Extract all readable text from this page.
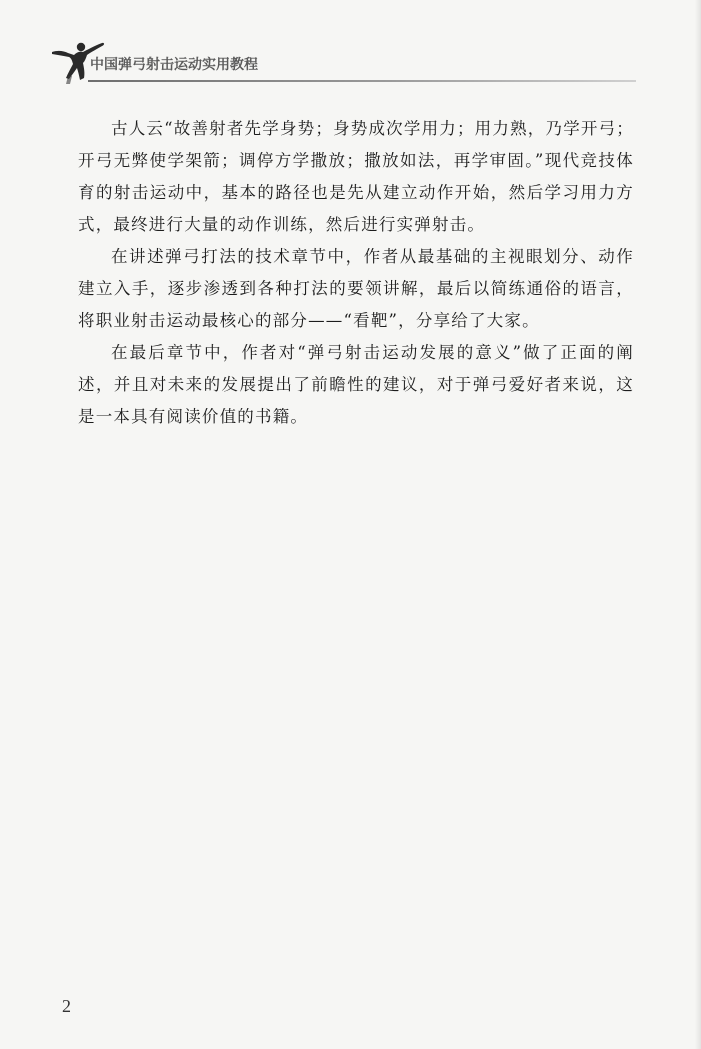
中国弹弓射击运动实用教程

古人云“故善射者先学身势；身势成次学用力；用力熟，乃学开弓；开弓无弊使学架箭；调停方学撒放；撒放如法，再学审固。”现代竞技体育的射击运动中，基本的路径也是先从建立动作开始，然后学习用力方式，最终进行大量的动作训练，然后进行实弹射击。

在讲述弹弓打法的技术章节中，作者从最基础的主视眼划分、动作建立入手，逐步渗透到各种打法的要领讲解，最后以简练通俗的语言，将职业射击运动最核心的部分——“看靶”，分享给了大家。

在最后章节中，作者对“弹弓射击运动发展的意义”做了正面的阐述，并且对未来的发展提出了前瞻性的建议，对于弹弓爱好者来说，这是一本具有阅读价值的书籍。

2
